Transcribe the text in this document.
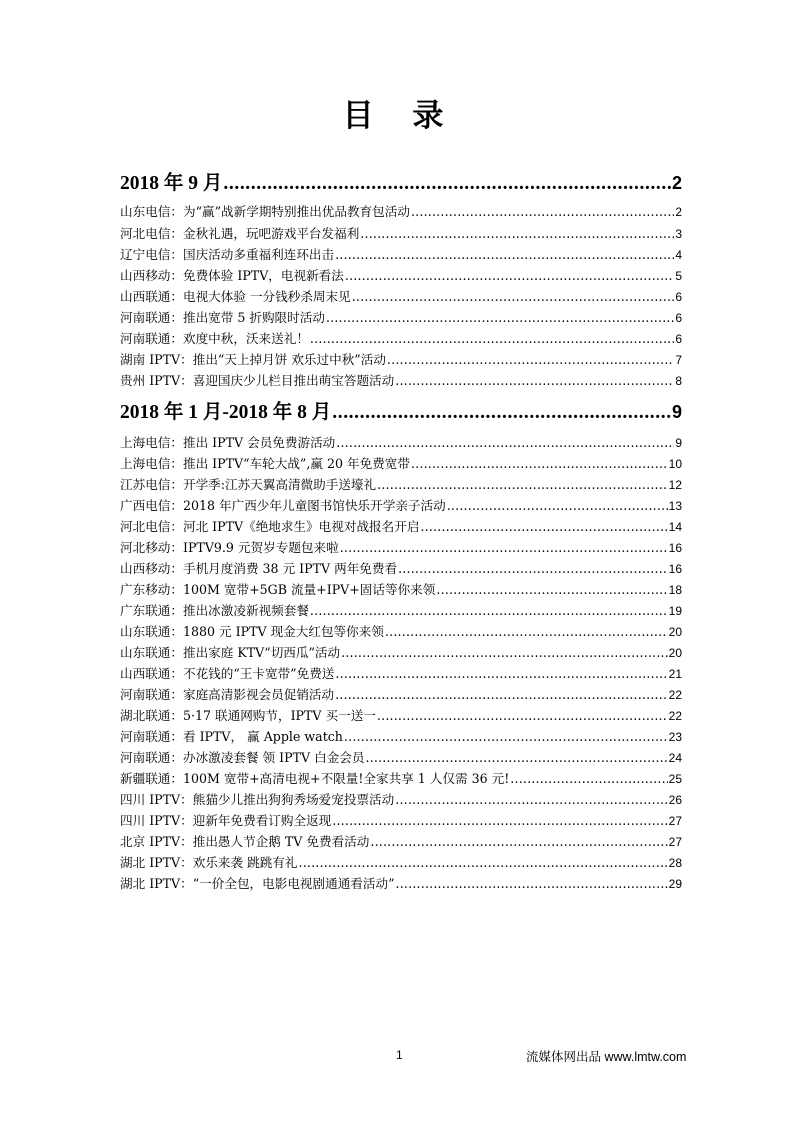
目 录
2018 年 9 月 .....	2
山东电信：为“赢”战新学期特别推出优品教育包活动 .....	2
河北电信：金秋礼遇，玩吧游戏平台发福利 .....	3
辽宁电信：国庆活动多重福利连环出击 .....	4
山西移动：免费体验 IPTV，电视新看法 .....	5
山西联通：电视大体验 一分钱秒杀周末见 .....	6
河南联通：推出宽带 5 折购限时活动 .....	6
河南联通：欢度中秋，沃来送礼！ .....	6
湖南 IPTV：推出“天上掉月饼 欢乐过中秋”活动 .....	7
贵州 IPTV：喜迎国庆少儿栏目推出萌宝答题活动 .....	8
2018 年 1 月-2018 年 8 月 .....	9
上海电信：推出 IPTV 会员免费游活动 .....	9
上海电信：推出 IPTV“车轮大战”,赢 20 年免费宽带 .....	10
江苏电信：开学季:江苏天翼高清微助手送壕礼 .....	12
广西电信：2018 年广西少年儿童图书馆快乐开学亲子活动 .....	13
河北电信：河北 IPTV《绝地求生》电视对战报名开启 .....	14
河北移动：IPTV9.9 元贺岁专题包来啦 .....	16
山西移动：手机月度消费 38 元 IPTV 两年免费看 .....	16
广东移动：100M 宽带+5GB 流量+IPV+固话等你来领 .....	18
广东联通：推出冰激凌新视频套餐 .....	19
山东联通：1880 元 IPTV 现金大红包等你来领 .....	20
山东联通：推出家庭 KTV“切西瓜”活动 .....	20
山西联通：不花钱的“王卡宽带”免费送 .....	21
河南联通：家庭高清影视会员促销活动 .....	22
湖北联通：5·17 联通网购节，IPTV 买一送一 .....	22
河南联通：看 IPTV， 赢 Apple watch .....	23
河南联通：办冰激凌套餐 领 IPTV 白金会员 .....	24
新疆联通：100M 宽带+高清电视+不限量!全家共享 1 人仅需 36 元! .....	25
四川 IPTV：熊猫少儿推出狗狗秀场爱宠投票活动 .....	26
四川 IPTV：迎新年免费看订购全返现 .....	27
北京 IPTV：推出愚人节企鹅 TV 免费看活动 .....	27
湖北 IPTV：欢乐来袭 跳跳有礼 .....	28
湖北 IPTV：“一价全包，电影电视剧通通看活动” .....	29
1	流媒体网出品 www.lmtw.com
